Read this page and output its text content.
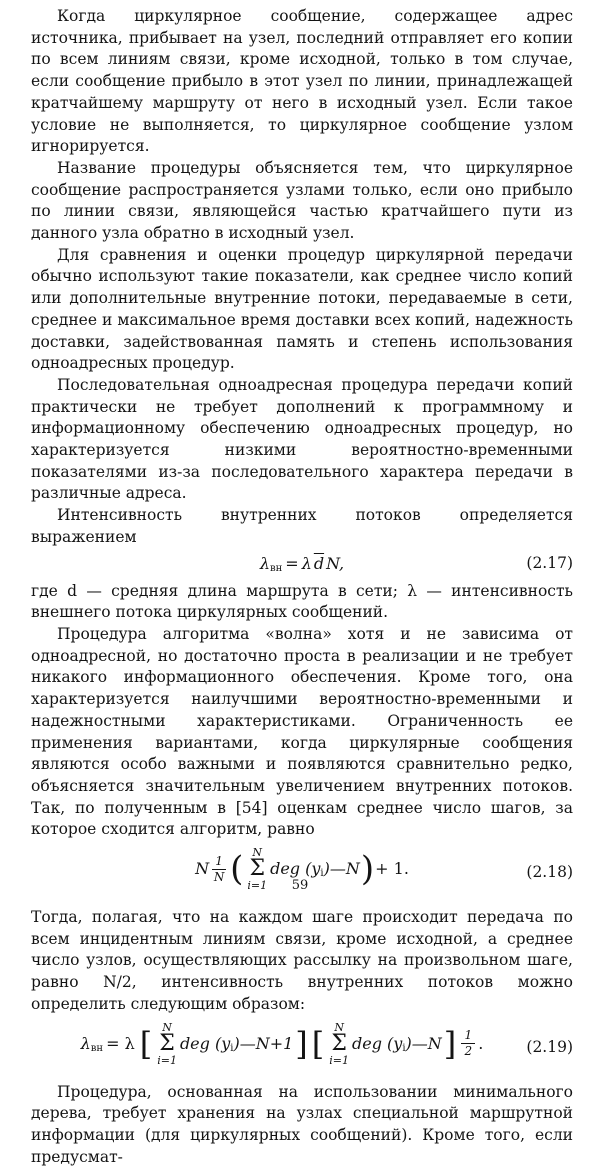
Когда циркулярное сообщение, содержащее адрес источника, прибывает на узел, последний отправляет его копии по всем линиям связи, кроме исходной, только в том случае, если сообщение прибыло в этот узел по линии, принадлежащей кратчайшему маршруту от него в исходный узел. Если такое условие не выполняется, то циркулярное сообщение узлом игнорируется.

Название процедуры объясняется тем, что циркулярное сообщение распространяется узлами только, если оно прибыло по линии связи, являющейся частью кратчайшего пути из данного узла обратно в исходный узел.

Для сравнения и оценки процедур циркулярной передачи обычно используют такие показатели, как среднее число копий или дополнительные внутренние потоки, передаваемые в сети, среднее и максимальное время доставки всех копий, надежность доставки, задействованная память и степень использования одноадресных процедур.

Последовательная одноадресная процедура передачи копий практически не требует дополнений к программному и информационному обеспечению одноадресных процедур, но характеризуется низкими вероятностно-временными показателями из-за последовательного характера передачи в различные адреса.

Интенсивность внутренних потоков определяется выражением

λ вн = λ $\overline{d}$ N,	(2.17)

где d — средняя длина маршрута в сети; λ — интенсивность внешнего потока циркулярных сообщений.

Процедура алгоритма «волна» хотя и не зависима от одноадресной, но достаточно проста в реализации и не требует никакого информационного обеспечения. Кроме того, она характеризуется наилучшими вероятностно-временными и надежностными характеристиками. Ограниченность ее применения вариантами, когда циркулярные сообщения являются особо важными и появляются сравнительно редко, объясняется значительным увеличением внутренних потоков. Так, по полученным в [54] оценкам среднее число шагов, за которое сходится алгоритм, равно

N $\frac{1}{N}$ ( N
Σ
i=1
deg (y i )—N ) + 1.	(2.18)

Тогда, полагая, что на каждом шаге происходит передача по всем инцидентным линиям связи, кроме исходной, а среднее число узлов, осуществляющих рассылку на произвольном шаге, равно N/2, интенсивность внутренних потоков можно определить следующим образом:

λ вн = λ [ N
Σ
i=1
deg (y i )—N+1 ] [ N
Σ
i=1
deg (y i )—N ] $\frac{1}{2}$ .	(2.19)

Процедура, основанная на использовании минимального дерева, требует хранения на узлах специальной маршрутной информации (для циркулярных сообщений). Кроме того, если предусмат-

59
